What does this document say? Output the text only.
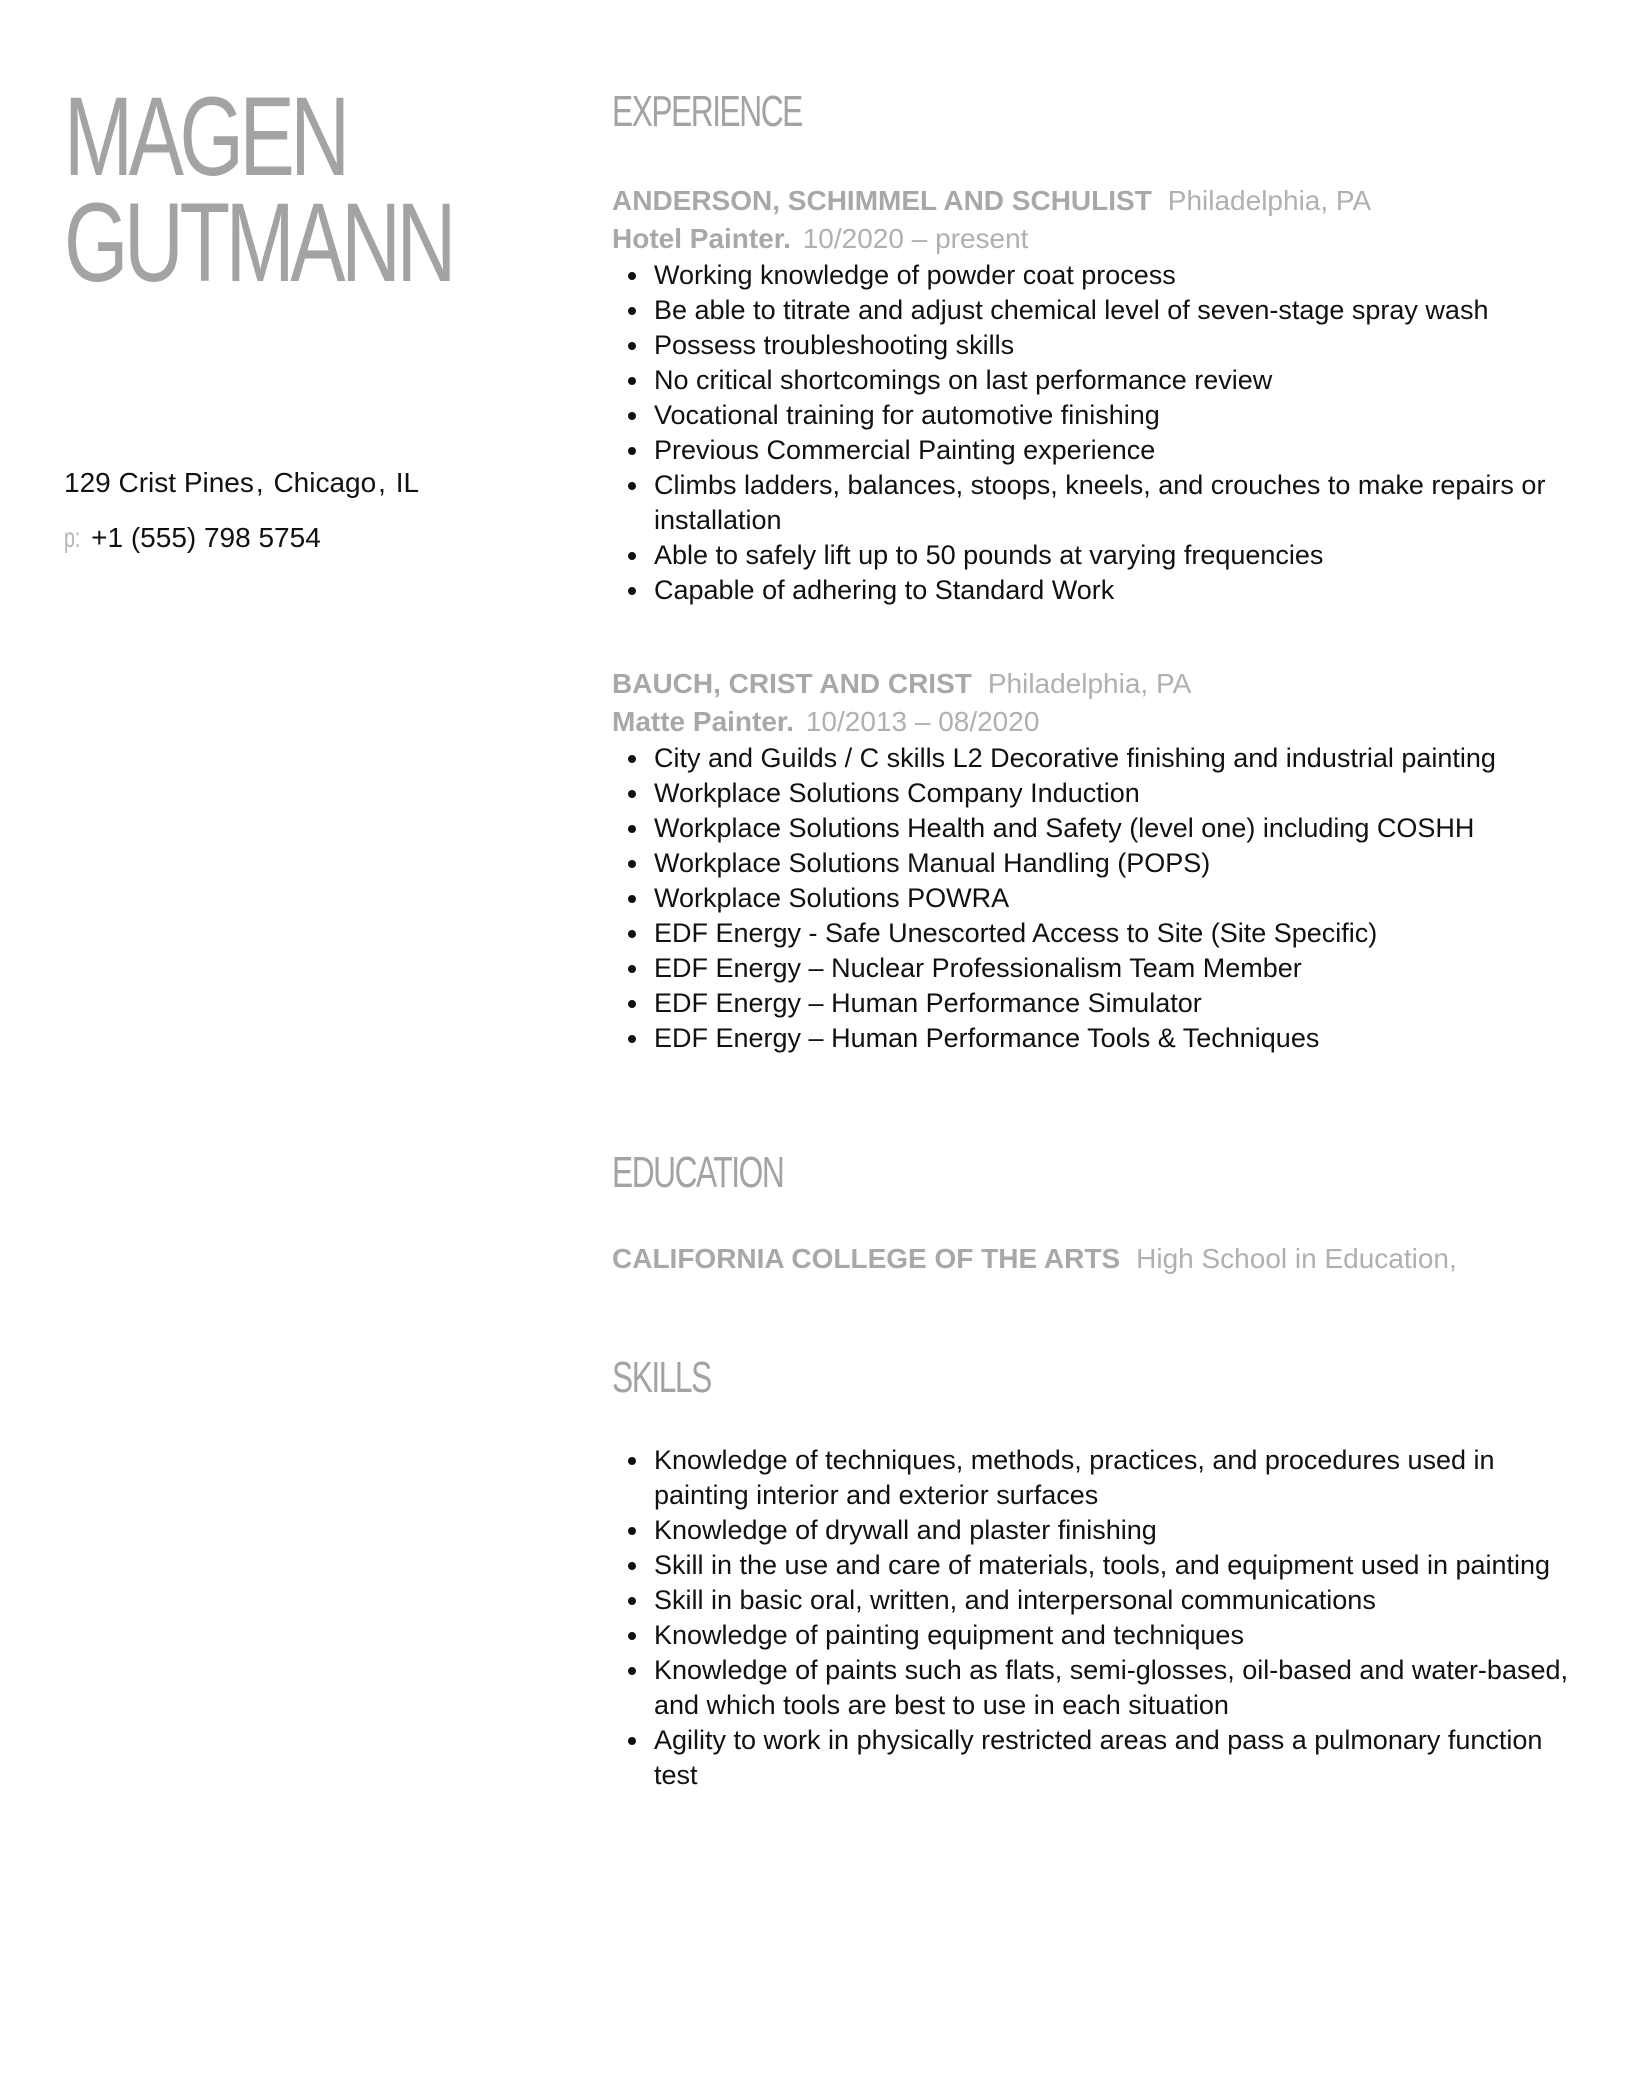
MAGEN
GUTMANN
129 Crist Pines, Chicago, IL
p: +1 (555) 798 5754
EXPERIENCE
ANDERSON, SCHIMMEL AND SCHULIST Philadelphia, PA
Hotel Painter. 10/2020 – present
Working knowledge of powder coat process
Be able to titrate and adjust chemical level of seven-stage spray wash
Possess troubleshooting skills
No critical shortcomings on last performance review
Vocational training for automotive finishing
Previous Commercial Painting experience
Climbs ladders, balances, stoops, kneels, and crouches to make repairs or installation
Able to safely lift up to 50 pounds at varying frequencies
Capable of adhering to Standard Work
BAUCH, CRIST AND CRIST Philadelphia, PA
Matte Painter. 10/2013 – 08/2020
City and Guilds / C skills L2 Decorative finishing and industrial painting
Workplace Solutions Company Induction
Workplace Solutions Health and Safety (level one) including COSHH
Workplace Solutions Manual Handling (POPS)
Workplace Solutions POWRA
EDF Energy - Safe Unescorted Access to Site (Site Specific)
EDF Energy – Nuclear Professionalism Team Member
EDF Energy – Human Performance Simulator
EDF Energy – Human Performance Tools & Techniques
EDUCATION
CALIFORNIA COLLEGE OF THE ARTS High School in Education,
SKILLS
Knowledge of techniques, methods, practices, and procedures used in painting interior and exterior surfaces
Knowledge of drywall and plaster finishing
Skill in the use and care of materials, tools, and equipment used in painting
Skill in basic oral, written, and interpersonal communications
Knowledge of painting equipment and techniques
Knowledge of paints such as flats, semi-glosses, oil-based and water-based, and which tools are best to use in each situation
Agility to work in physically restricted areas and pass a pulmonary function test
